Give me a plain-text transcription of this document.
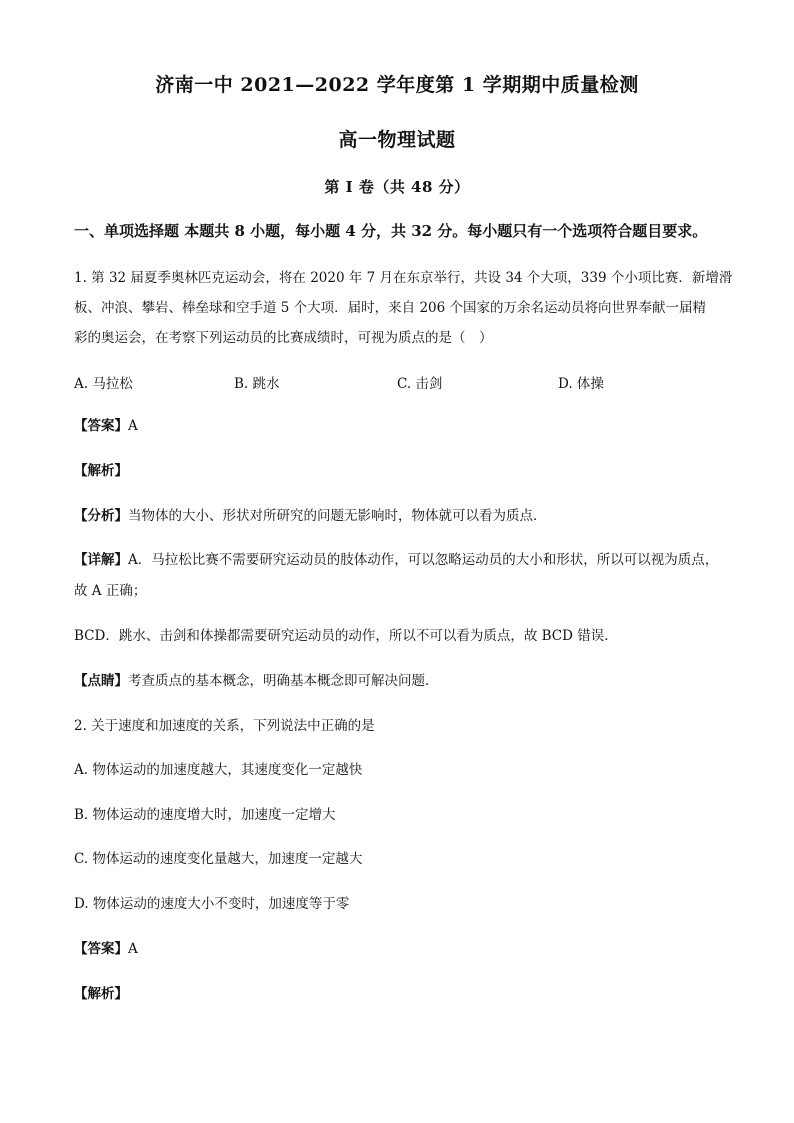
济南一中 2021—2022 学年度第 1 学期期中质量检测
高一物理试题
第 I 卷（共 48 分）
一、单项选择题 本题共 8 小题，每小题 4 分，共 32 分。每小题只有一个选项符合题目要求。
1. 第 32 届夏季奥林匹克运动会，将在 2020 年 7 月在东京举行，共设 34 个大项，339 个小项比赛．新增滑
板、冲浪、攀岩、棒垒球和空手道 5 个大项．届时，来自 206 个国家的万余名运动员将向世界奉献一届精
彩的奥运会，在考察下列运动员的比赛成绩时，可视为质点的是（　）
A. 马拉松	B. 跳水	C. 击剑	D. 体操
【答案】A
【解析】
【分析】当物体的大小、形状对所研究的问题无影响时，物体就可以看为质点．
【详解】A．马拉松比赛不需要研究运动员的肢体动作，可以忽略运动员的大小和形状，所以可以视为质点，
故 A 正确；
BCD．跳水、击剑和体操都需要研究运动员的动作，所以不可以看为质点，故 BCD 错误．
【点睛】考查质点的基本概念，明确基本概念即可解决问题．
2. 关于速度和加速度的关系，下列说法中正确的是
A. 物体运动的加速度越大，其速度变化一定越快
B. 物体运动的速度增大时，加速度一定增大
C. 物体运动的速度变化量越大，加速度一定越大
D. 物体运动的速度大小不变时，加速度等于零
【答案】A
【解析】
